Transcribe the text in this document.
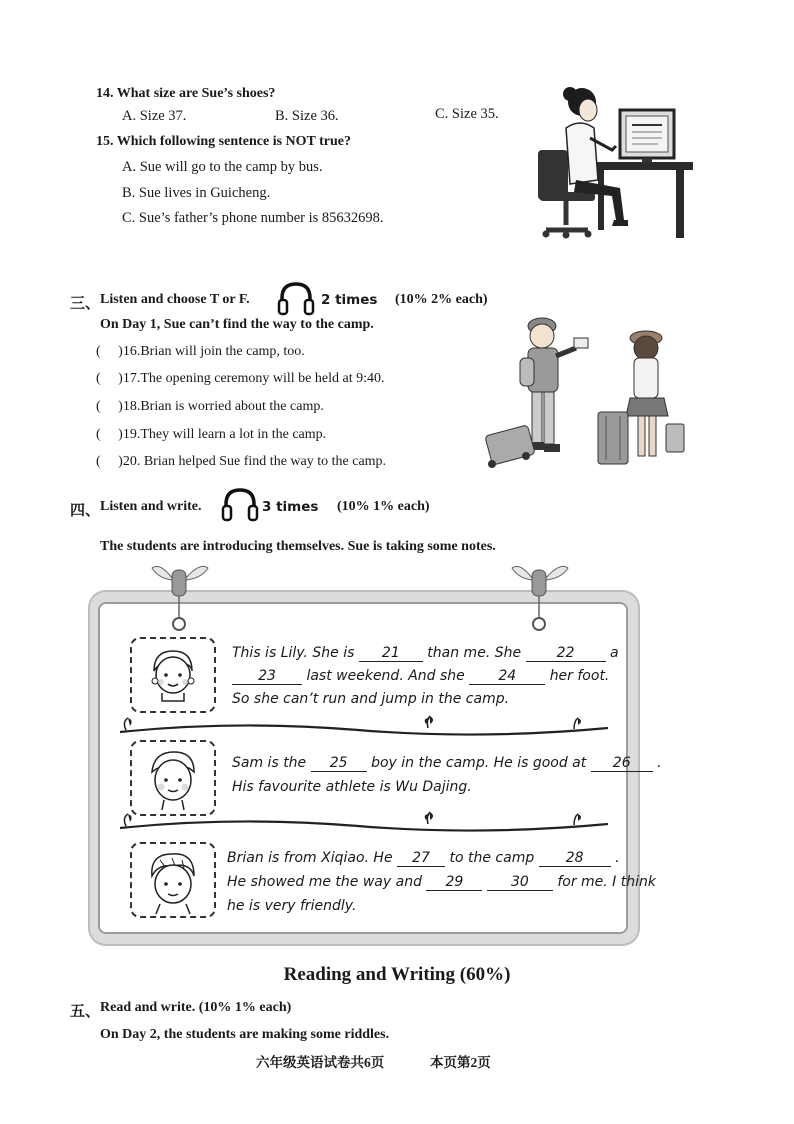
14. What size are Sue’s shoes?
A. Size 37.	B. Size 36.	C. Size 35.
15. Which following sentence is NOT true?
A. Sue will go to the camp by bus.
B. Sue lives in Guicheng.
C. Sue’s father’s phone number is 85632698.
三、 Listen and choose T or F.	2 times (10% 2% each)
On Day 1, Sue can’t find the way to the camp.
( )16.Brian will join the camp, too.
( )17.The opening ceremony will be held at 9:40.
( )18.Brian is worried about the camp.
( )19.They will learn a lot in the camp.
( )20. Brian helped Sue find the way to the camp.
四、 Listen and write.	3 times (10% 1% each)
The students are introducing themselves. Sue is taking some notes.
This is Lily. She is 21 than me. She	22	a
23 last weekend. And she 24 her foot.
So she can’t run and jump in the camp.
Sam is the 25 boy in the camp. He is good at 26 .
His favourite athlete is Wu Dajing.
Brian is from Xiqiao. He 27 to the camp 28 .
He showed me the way and 29	30 for me. I think
he is very friendly.
Reading and Writing (60%)
五、 Read and write. (10% 1% each)
On Day 2, the students are making some riddles.
六年级英语试卷共6页	本页第2页
